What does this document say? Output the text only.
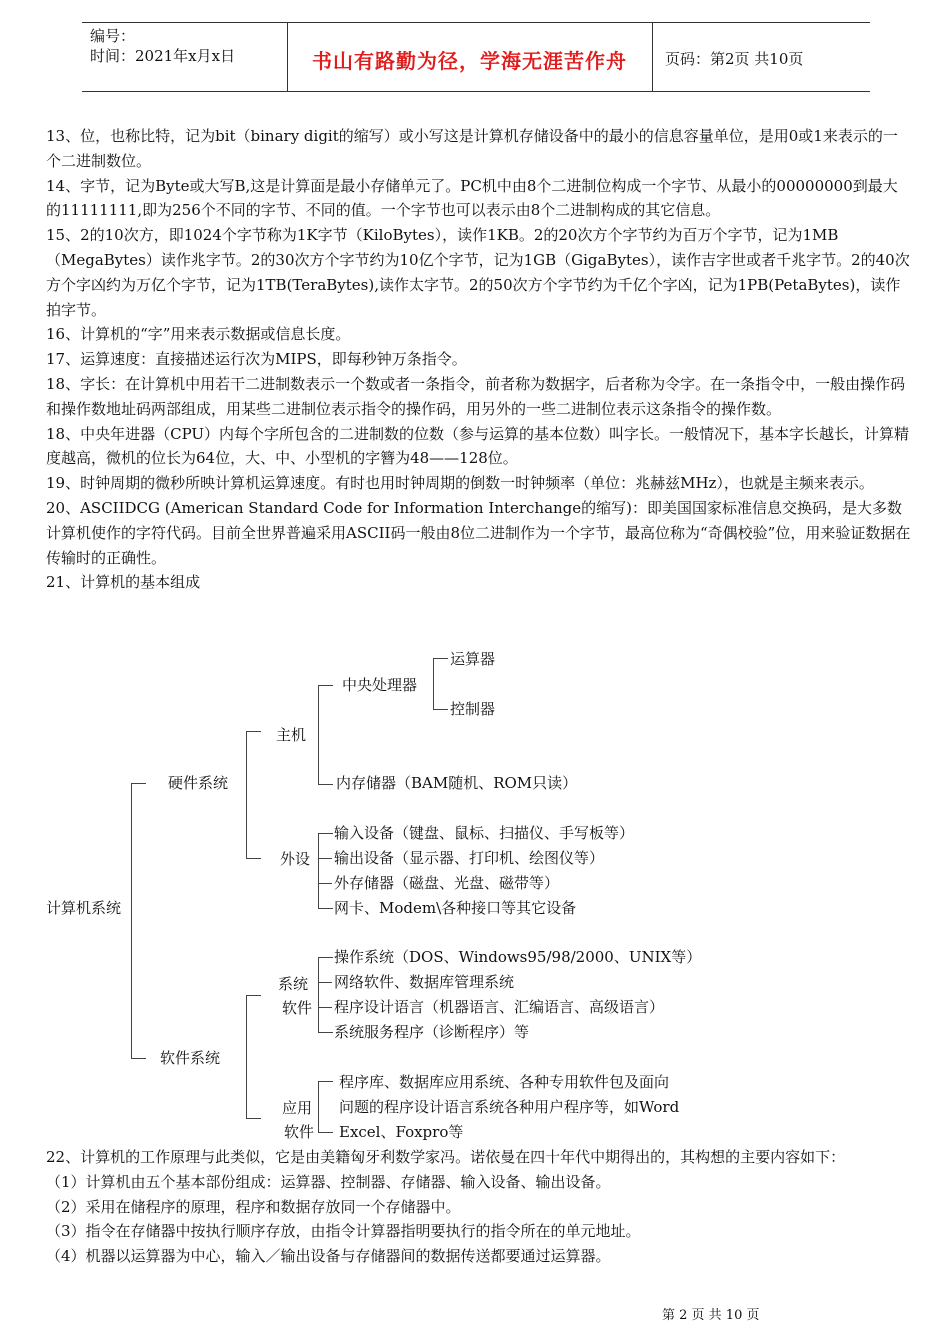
编号：
时间：2021年x月x日	书山有路勤为径，学海无涯苦作舟	页码：第2页 共10页

13、位，也称比特，记为bit（binary digit的缩写）或小写这是计算机存储设备中的最小的信息容量单位，是用0或1来表示的一个二进制数位。

14、字节，记为Byte或大写B,这是计算面是最小存储单元了。PC机中由8个二进制位构成一个字节、从最小的00000000到最大的11111111,即为256个不同的字节、不同的值。一个字节也可以表示由8个二进制构成的其它信息。

15、2的10次方，即1024个字节称为1K字节（KiloBytes），读作1KB。2的20次方个字节约为百万个字节，记为1MB（MegaBytes）读作兆字节。2的30次方个字节约为10亿个字节，记为1GB（GigaBytes），读作吉字世或者千兆字节。2的40次方个字凶约为万亿个字节，记为1TB(TeraBytes),读作太字节。2的50次方个字节约为千亿个字凶，记为1PB(PetaBytes)，读作拍字节。

16、计算机的“字”用来表示数据或信息长度。

17、运算速度：直接描述运行次为MIPS，即每秒钟万条指令。

18、字长：在计算机中用若干二进制数表示一个数或者一条指令，前者称为数据字，后者称为令字。在一条指令中，一般由操作码和操作数地址码两部组成，用某些二进制位表示指令的操作码，用另外的一些二进制位表示这条指令的操作数。

18、中央年进器（CPU）内每个字所包含的二进制数的位数（参与运算的基本位数）叫字长。一般情况下，基本字长越长，计算精度越高，微机的位长为64位，大、中、小型机的字簪为48——128位。

19、时钟周期的微秒所映计算机运算速度。有时也用时钟周期的倒数一时钟频率（单位：兆赫兹MHz），也就是主频来表示。

20、ASCIIDCG (American Standard Code for Information Interchange的缩写)：即美国国家标准信息交换码，是大多数计算机使作的字符代码。目前全世界普遍采用ASCII码一般由8位二进制作为一个字节，最高位称为“奇偶校验”位，用来验证数据在传输时的正确性。

21、计算机的基本组成

计算机系统
硬件系统
软件系统
主机
外设
中央处理器
内存储器（BAM随机、ROM只读）
运算器
控制器
输入设备（键盘、鼠标、扫描仪、手写板等）
输出设备（显示器、打印机、绘图仪等）
外存储器（磁盘、光盘、磁带等）
网卡、Modem\各种接口等其它设备
系统
软件
应用
软件
操作系统（DOS、Windows95/98/2000、UNIX等）
网络软件、数据库管理系统
程序设计语言（机器语言、汇编语言、高级语言）
系统服务程序（诊断程序）等
程序库、数据库应用系统、各种专用软件包及面向
问题的程序设计语言系统各种用户程序等，如Word
Excel、Foxpro等

22、计算机的工作原理与此类似，它是由美籍匈牙利数学家冯。诺依曼在四十年代中期得出的，其构想的主要内容如下：

（1）计算机由五个基本部份组成：运算器、控制器、存储器、输入设备、输出设备。

（2）采用在储程序的原理，程序和数据存放同一个存储器中。

（3）指令在存储器中按执行顺序存放，由指令计算器指明要执行的指令所在的单元地址。

（4）机器以运算器为中心，输入／输出设备与存储器间的数据传送都要通过运算器。

第 2 页 共 10 页
